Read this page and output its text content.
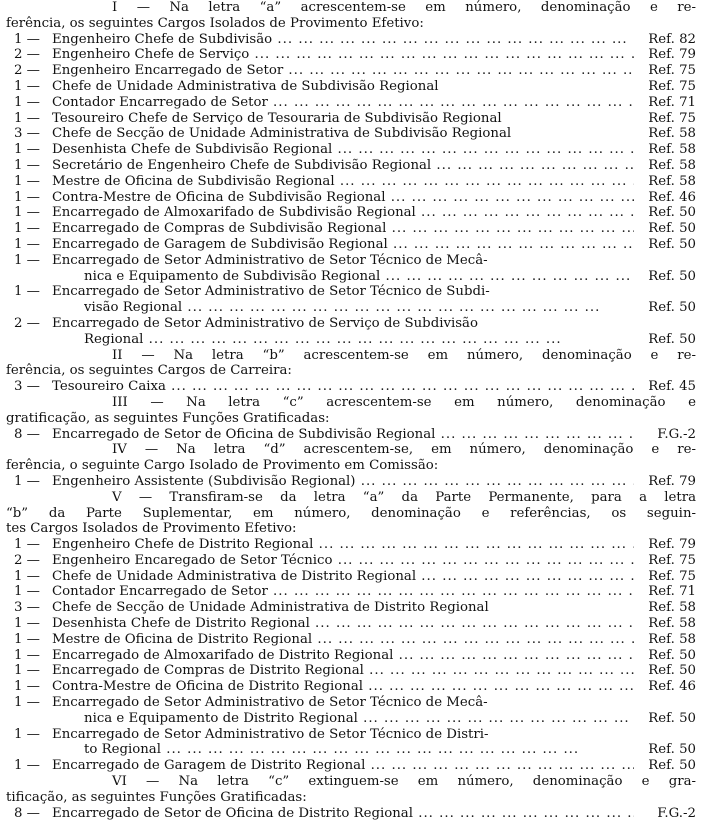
I — Na letra “a” acrescentem-se em número, denominação e re-
ferência, os seguintes Cargos Isolados de Provimento Efetivo:
1 — Engenheiro Chefe de Subdivisão ... .	Ref. 82
2 — Engenheiro Chefe de Serviço ... .	Ref. 79
2 — Engenheiro Encarregado de Setor ... .	Ref. 75
1 — Chefe de Unidade Administrativa de Subdivisão Regional	Ref. 75
1 — Contador Encarregado de Setor ... .	Ref. 71
1 — Tesoureiro Chefe de Serviço de Tesouraria de Subdivisão Regional	Ref. 75
3 — Chefe de Secção de Unidade Administrativa de Subdivisão Regional	Ref. 58
1 — Desenhista Chefe de Subdivisão Regional ... .	Ref. 58
1 — Secretário de Engenheiro Chefe de Subdivisão Regional ... .	Ref. 58
1 — Mestre de Oficina de Subdivisão Regional ... .	Ref. 58
1 — Contra-Mestre de Oficina de Subdivisão Regional ... .	Ref. 46
1 — Encarregado de Almoxarifado de Subdivisão Regional ... .	Ref. 50
1 — Encarregado de Compras de Subdivisão Regional ... .	Ref. 50
1 — Encarregado de Garagem de Subdivisão Regional ... .	Ref. 50
1 — Encarregado de Setor Administrativo de Setor Técnico de Mecâ-
nica e Equipamento de Subdivisão Regional ... .	Ref. 50
1 — Encarregado de Setor Administrativo de Setor Técnico de Subdi-
visão Regional ... .	Ref. 50
2 — Encarregado de Setor Administrativo de Serviço de Subdivisão
Regional ... .	Ref. 50
II — Na letra “b” acrescentem-se em número, denominação e re-
ferência, os seguintes Cargos de Carreira:
3 — Tesoureiro Caixa ... .	Ref. 45
III — Na letra “c” acrescentem-se em número, denominação e
gratificação, as seguintes Funções Gratificadas:
8 — Encarregado de Setor de Oficina de Subdivisão Regional ... .	F.G.-2
IV — Na letra “d” acrescentem-se, em número, denominação e re-
ferência, o seguinte Cargo Isolado de Provimento em Comissão:
1 — Engenheiro Assistente (Subdivisão Regional) ... .	Ref. 79
V — Transfiram-se da letra “a” da Parte Permanente, para a letra
“b” da Parte Suplementar, em número, denominação e referências, os seguin-
tes Cargos Isolados de Provimento Efetivo:
1 — Engenheiro Chefe de Distrito Regional ... .	Ref. 79
2 — Engenheiro Encaregado de Setor Técnico ... .	Ref. 75
1 — Chefe de Unidade Administrativa de Distrito Regional ... .	Ref. 75
1 — Contador Encarregado de Setor ... .	Ref. 71
3 — Chefe de Secção de Unidade Administrativa de Distrito Regional	Ref. 58
1 — Desenhista Chefe de Distrito Regional ... .	Ref. 58
1 — Mestre de Oficina de Distrito Regional ... .	Ref. 58
1 — Encarregado de Almoxarifado de Distrito Regional ... .	Ref. 50
1 — Encarregado de Compras de Distrito Regional ... .	Ref. 50
1 — Contra-Mestre de Oficina de Distrito Regional ... .	Ref. 46
1 — Encarregado de Setor Administrativo de Setor Técnico de Mecâ-
nica e Equipamento de Distrito Regional ... .	Ref. 50
1 — Encarregado de Setor Administrativo de Setor Técnico de Distri-
to Regional ... .	Ref. 50
1 — Encarregado de Garagem de Distrito Regional ... .	Ref. 50
VI — Na letra “c” extinguem-se em número, denominação e gra-
tificação, as seguintes Funções Gratificadas:
8 — Encarregado de Setor de Oficina de Distrito Regional ... .	F.G.-2
